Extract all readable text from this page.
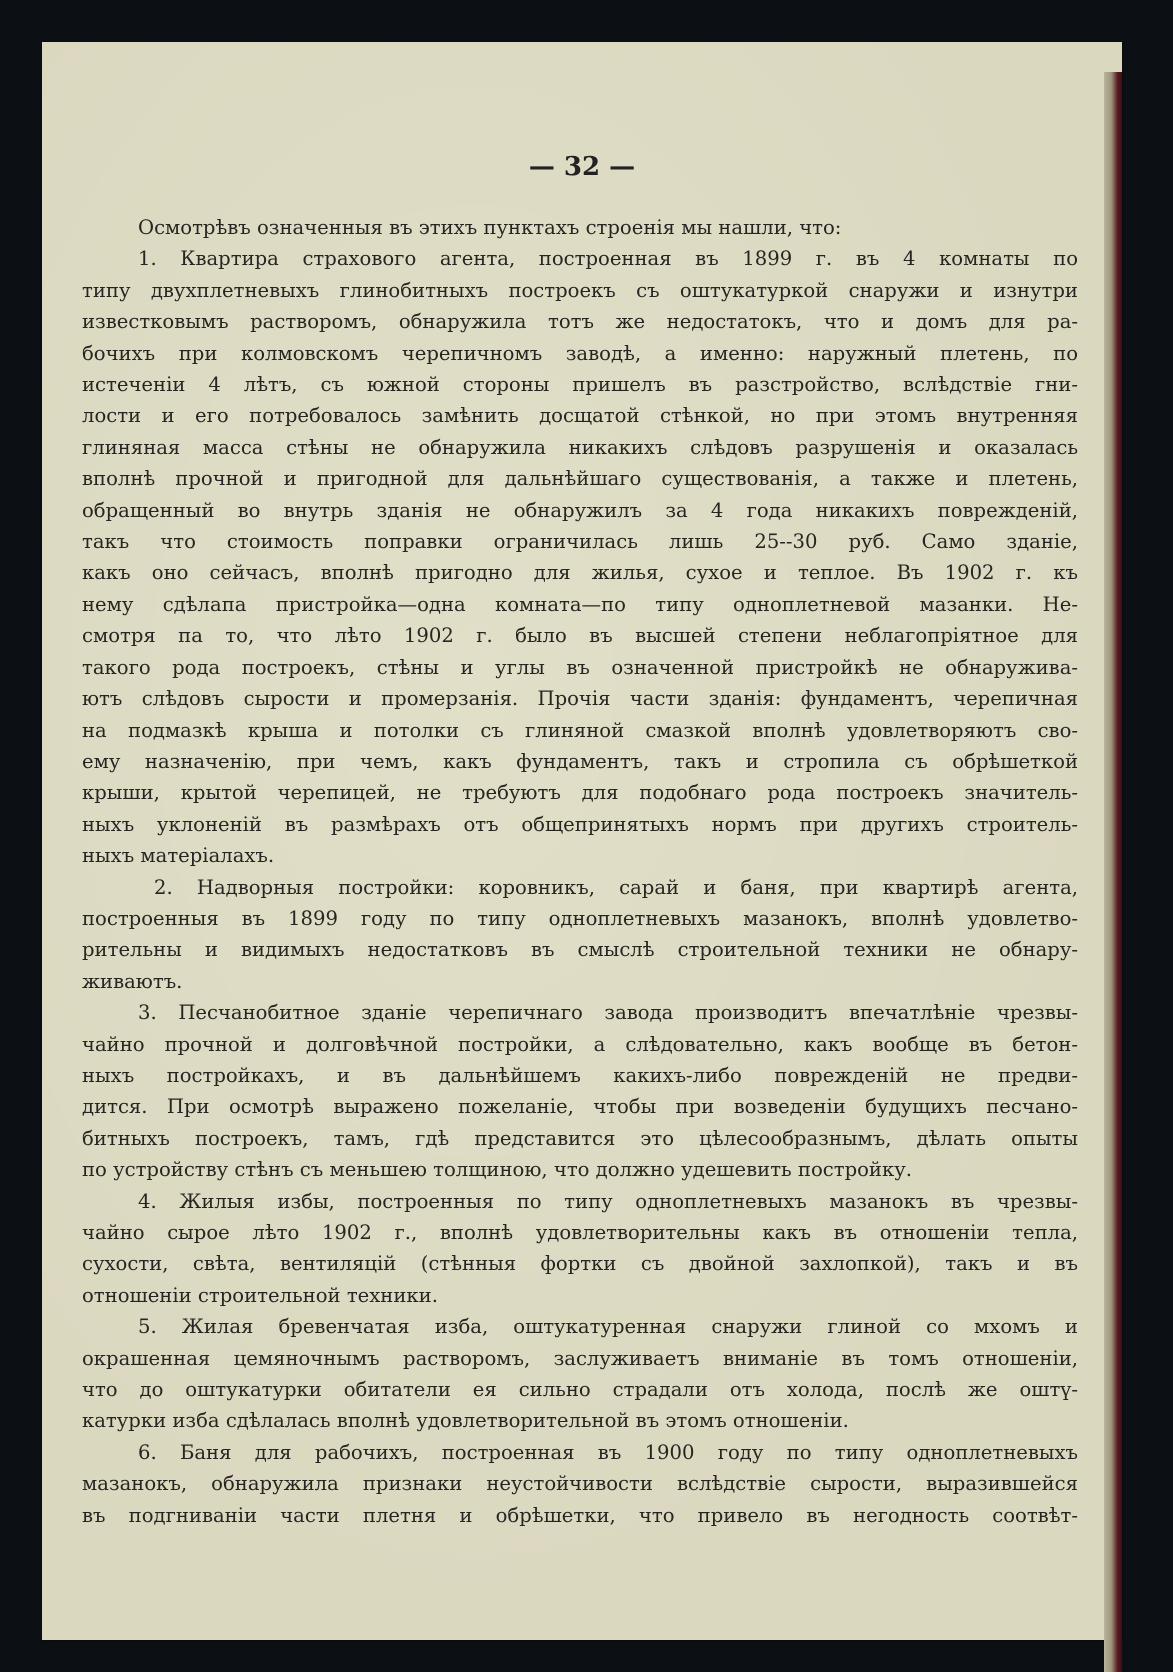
— 32 —
Осмотрѣвъ означенныя въ этихъ пунктахъ строенія мы нашли, что:
1. Квартира страхового агента, построенная въ 1899 г. въ 4 комнаты по
типу двухплетневыхъ глинобитныхъ построекъ съ оштукатуркой снаружи и изнутри
известковымъ растворомъ, обнаружила тотъ же недостатокъ, что и домъ для ра-
бочихъ при колмовскомъ черепичномъ заводѣ, а именно: наружный плетень, по
истеченіи 4 лѣтъ, съ южной стороны пришелъ въ разстройство, вслѣдствіе гни-
лости и его потребовалось замѣнить досщатой стѣнкой, но при этомъ внутренняя
глиняная масса стѣны не обнаружила никакихъ слѣдовъ разрушенія и оказалась
вполнѣ прочной и пригодной для дальнѣйшаго существованія, а также и плетень,
обращенный во внутрь зданія не обнаружилъ за 4 года никакихъ поврежденій,
такъ что стоимость поправки ограничилась лишь 25--30 руб. Само зданіе,
какъ оно сейчасъ, вполнѣ пригодно для жилья, сухое и теплое. Въ 1902 г. къ
нему сдѣлапа пристройка—одна комната—по типу одноплетневой мазанки. Не-
смотря па то, что лѣто 1902 г. было въ высшей степени неблагопріятное для
такого рода построекъ, стѣны и углы въ означенной пристройкѣ не обнаружива-
ютъ слѣдовъ сырости и промерзанія. Прочія части зданія: фундаментъ, черепичная
на подмазкѣ крыша и потолки съ глиняной смазкой вполнѣ удовлетворяютъ сво-
ему назначенію, при чемъ, какъ фундаментъ, такъ и стропила съ обрѣшеткой
крыши, крытой черепицей, не требуютъ для подобнаго рода построекъ значитель-
ныхъ уклоненій въ размѣрахъ отъ общепринятыхъ нормъ при другихъ строитель-
ныхъ матеріалахъ.
2. Надворныя постройки: коровникъ, сарай и баня, при квартирѣ агента,
построенныя въ 1899 году по типу одноплетневыхъ мазанокъ, вполнѣ удовлетво-
рительны и видимыхъ недостатковъ въ смыслѣ строительной техники не обнару-
живаютъ.
3. Песчанобитное зданіе черепичнаго завода производитъ впечатлѣніе чрезвы-
чайно прочной и долговѣчной постройки, а слѣдовательно, какъ вообще въ бетон-
ныхъ постройкахъ, и въ дальнѣйшемъ какихъ-либо поврежденій не предви-
дится. При осмотрѣ выражено пожеланіе, чтобы при возведеніи будущихъ песчано-
битныхъ построекъ, тамъ, гдѣ представится это цѣлесообразнымъ, дѣлать опыты
по устройству стѣнъ съ меньшею толщиною, что должно удешевить постройку.
4. Жилыя избы, построенныя по типу одноплетневыхъ мазанокъ въ чрезвы-
чайно сырое лѣто 1902 г., вполнѣ удовлетворительны какъ въ отношеніи тепла,
сухости, свѣта, вентиляцій (стѣнныя фортки съ двойной захлопкой), такъ и въ
отношеніи строительной техники.
5. Жилая бревенчатая изба, оштукатуренная снаружи глиной со мхомъ и
окрашенная цемяночнымъ растворомъ, заслуживаетъ вниманіе въ томъ отношеніи,
что до оштукатурки обитатели ея сильно страдали отъ холода, послѣ же оштү-
катурки изба сдѣлалась вполнѣ удовлетворительной въ этомъ отношеніи.
6. Баня для рабочихъ, построенная въ 1900 году по типу одноплетневыхъ
мазанокъ, обнаружила признаки неустойчивости вслѣдствіе сырости, выразившейся
въ подгниваніи части плетня и обрѣшетки, что привело въ негодность соотвѣт-
